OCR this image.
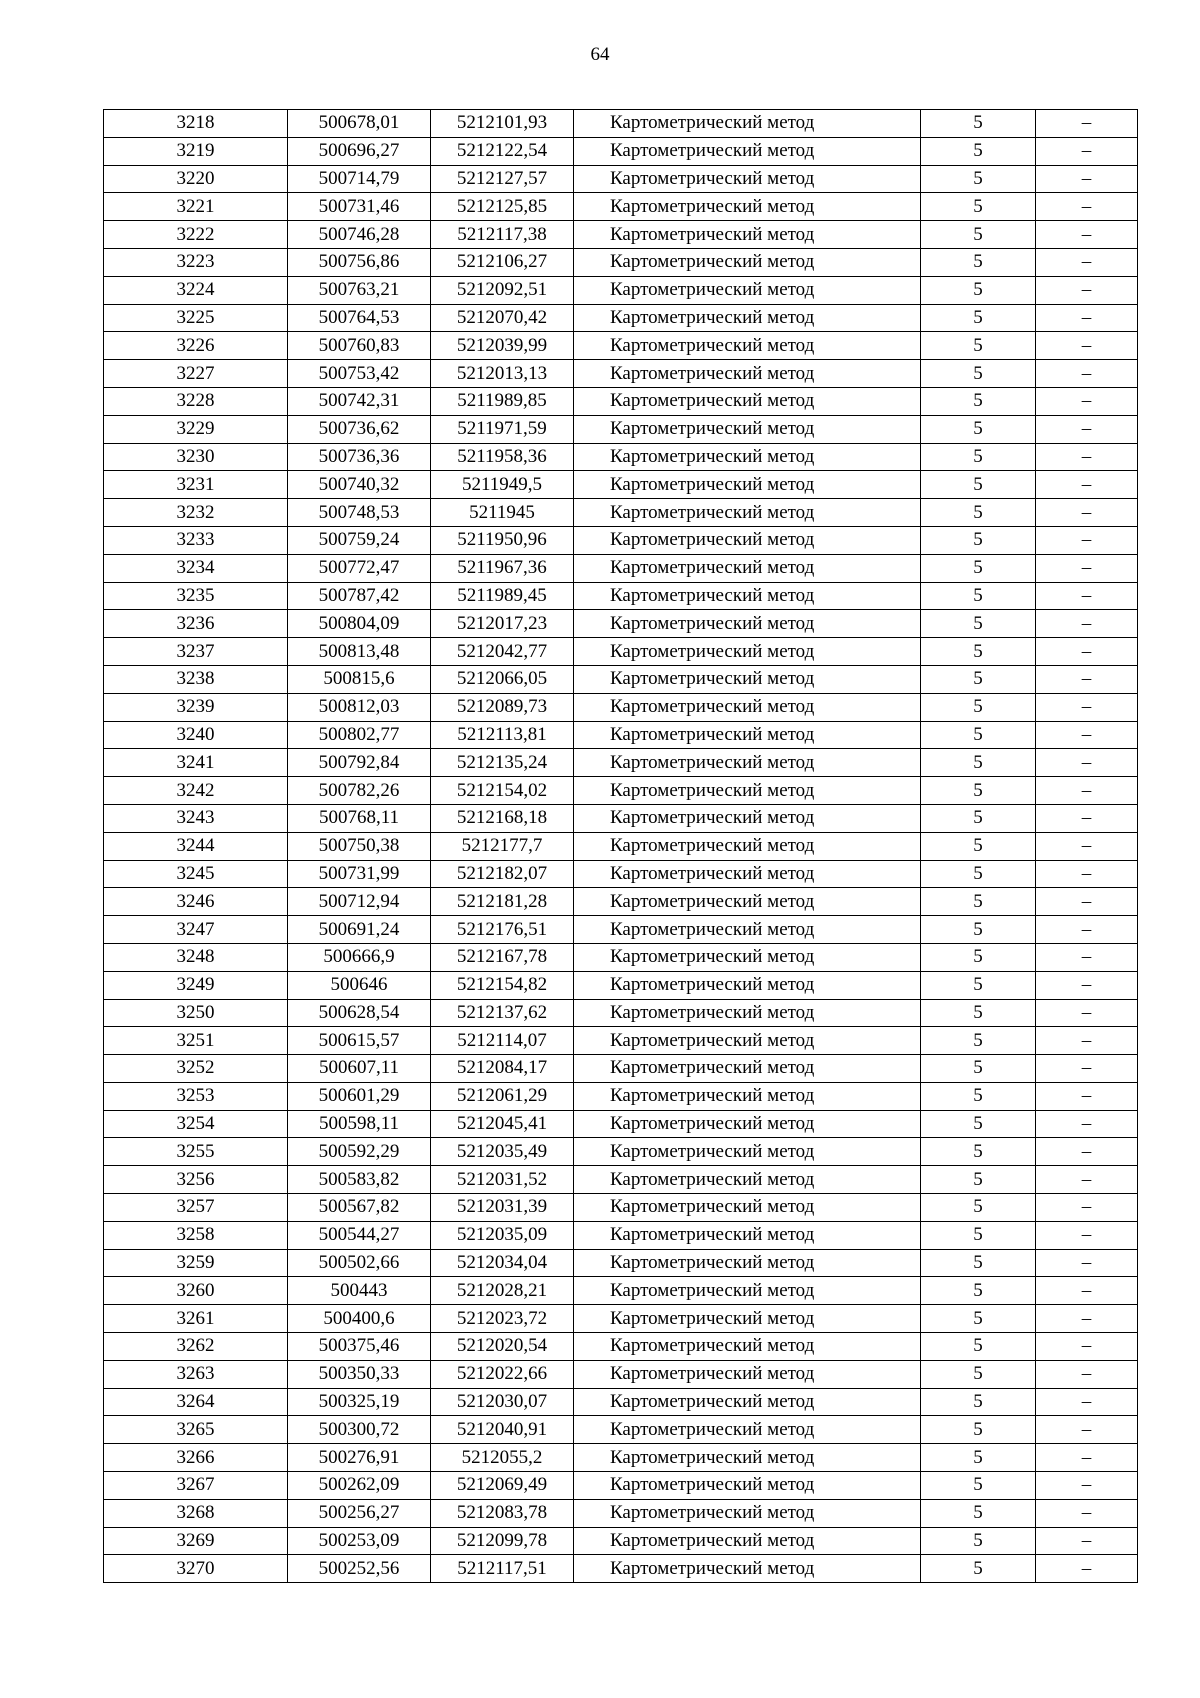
64
3218	500678,01	5212101,93	Картометрический метод	5	–
3219	500696,27	5212122,54	Картометрический метод	5	–
3220	500714,79	5212127,57	Картометрический метод	5	–
3221	500731,46	5212125,85	Картометрический метод	5	–
3222	500746,28	5212117,38	Картометрический метод	5	–
3223	500756,86	5212106,27	Картометрический метод	5	–
3224	500763,21	5212092,51	Картометрический метод	5	–
3225	500764,53	5212070,42	Картометрический метод	5	–
3226	500760,83	5212039,99	Картометрический метод	5	–
3227	500753,42	5212013,13	Картометрический метод	5	–
3228	500742,31	5211989,85	Картометрический метод	5	–
3229	500736,62	5211971,59	Картометрический метод	5	–
3230	500736,36	5211958,36	Картометрический метод	5	–
3231	500740,32	5211949,5	Картометрический метод	5	–
3232	500748,53	5211945	Картометрический метод	5	–
3233	500759,24	5211950,96	Картометрический метод	5	–
3234	500772,47	5211967,36	Картометрический метод	5	–
3235	500787,42	5211989,45	Картометрический метод	5	–
3236	500804,09	5212017,23	Картометрический метод	5	–
3237	500813,48	5212042,77	Картометрический метод	5	–
3238	500815,6	5212066,05	Картометрический метод	5	–
3239	500812,03	5212089,73	Картометрический метод	5	–
3240	500802,77	5212113,81	Картометрический метод	5	–
3241	500792,84	5212135,24	Картометрический метод	5	–
3242	500782,26	5212154,02	Картометрический метод	5	–
3243	500768,11	5212168,18	Картометрический метод	5	–
3244	500750,38	5212177,7	Картометрический метод	5	–
3245	500731,99	5212182,07	Картометрический метод	5	–
3246	500712,94	5212181,28	Картометрический метод	5	–
3247	500691,24	5212176,51	Картометрический метод	5	–
3248	500666,9	5212167,78	Картометрический метод	5	–
3249	500646	5212154,82	Картометрический метод	5	–
3250	500628,54	5212137,62	Картометрический метод	5	–
3251	500615,57	5212114,07	Картометрический метод	5	–
3252	500607,11	5212084,17	Картометрический метод	5	–
3253	500601,29	5212061,29	Картометрический метод	5	–
3254	500598,11	5212045,41	Картометрический метод	5	–
3255	500592,29	5212035,49	Картометрический метод	5	–
3256	500583,82	5212031,52	Картометрический метод	5	–
3257	500567,82	5212031,39	Картометрический метод	5	–
3258	500544,27	5212035,09	Картометрический метод	5	–
3259	500502,66	5212034,04	Картометрический метод	5	–
3260	500443	5212028,21	Картометрический метод	5	–
3261	500400,6	5212023,72	Картометрический метод	5	–
3262	500375,46	5212020,54	Картометрический метод	5	–
3263	500350,33	5212022,66	Картометрический метод	5	–
3264	500325,19	5212030,07	Картометрический метод	5	–
3265	500300,72	5212040,91	Картометрический метод	5	–
3266	500276,91	5212055,2	Картометрический метод	5	–
3267	500262,09	5212069,49	Картометрический метод	5	–
3268	500256,27	5212083,78	Картометрический метод	5	–
3269	500253,09	5212099,78	Картометрический метод	5	–
3270	500252,56	5212117,51	Картометрический метод	5	–
